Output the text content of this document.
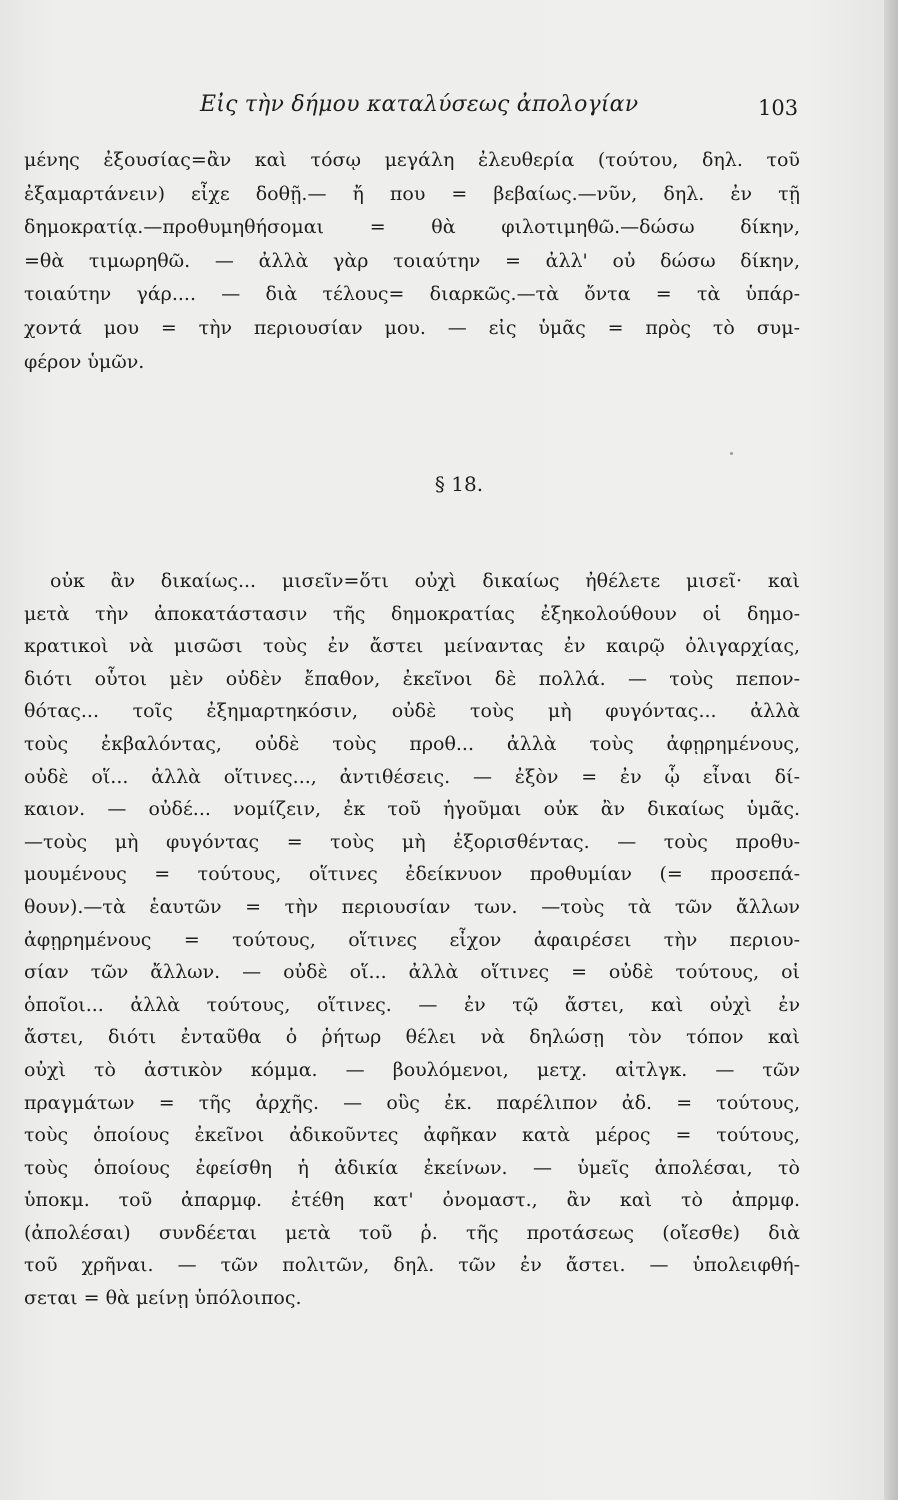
Εἰς τὴν δήμου καταλύσεως ἀπολογίαν	103
μένης ἐξουσίας=ἂν καὶ τόσῳ μεγάλη ἐλευθερία (τούτου, δηλ. τοῦ
ἐξαμαρτάνειν) εἶχε δοθῇ.— ἤ που = βεβαίως.—νῦν, δηλ. ἐν τῇ
δημοκρατίᾳ.—προθυμηθήσομαι = θὰ φιλοτιμηθῶ.—δώσω δίκην,
=θὰ τιμωρηθῶ. — ἀλλὰ γὰρ τοιαύτην = ἀλλ' οὐ δώσω δίκην,
τοιαύτην γάρ.... — διὰ τέλους= διαρκῶς.—τὰ ὄντα = τὰ ὑπάρ-
χοντά μου = τὴν περιουσίαν μου. — εἰς ὑμᾶς = πρὸς τὸ συμ-
φέρον ὑμῶν.
§ 18.
οὐκ ἂν δικαίως... μισεῖν=ὅτι οὐχὶ δικαίως ἠθέλετε μισεῖ· καὶ
μετὰ τὴν ἀποκατάστασιν τῆς δημοκρατίας ἐξηκολούθουν οἱ δημο-
κρατικοὶ νὰ μισῶσι τοὺς ἐν ἄστει μείναντας ἐν καιρῷ ὀλιγαρχίας,
διότι οὗτοι μὲν οὐδὲν ἔπαθον, ἐκεῖνοι δὲ πολλά. — τοὺς πεπον-
θότας... τοῖς ἐξημαρτηκόσιν, οὐδὲ τοὺς μὴ φυγόντας... ἀλλὰ
τοὺς ἐκβαλόντας, οὐδὲ τοὺς προθ... ἀλλὰ τοὺς ἀφῃρημένους,
οὐδὲ οἵ... ἀλλὰ οἵτινες..., ἀντιθέσεις. — ἐξὸν = ἐν ᾧ εἶναι δί-
καιον. — οὐδέ... νομίζειν, ἐκ τοῦ ἡγοῦμαι οὐκ ἂν δικαίως ὑμᾶς.
—τοὺς μὴ φυγόντας = τοὺς μὴ ἐξορισθέντας. — τοὺς προθυ-
μουμένους = τούτους, οἵτινες ἐδείκνυον προθυμίαν (= προσεπά-
θουν).—τὰ ἑαυτῶν = τὴν περιουσίαν των. —τοὺς τὰ τῶν ἄλλων
ἀφῃρημένους = τούτους, οἵτινες εἶχον ἀφαιρέσει τὴν περιου-
σίαν τῶν ἄλλων. — οὐδὲ οἵ... ἀλλὰ οἵτινες = οὐδὲ τούτους, οἱ
ὁποῖοι... ἀλλὰ τούτους, οἵτινες. — ἐν τῷ ἄστει, καὶ οὐχὶ ἐν
ἄστει, διότι ἐνταῦθα ὁ ῥήτωρ θέλει νὰ δηλώσῃ τὸν τόπον καὶ
οὐχὶ τὸ ἀστικὸν κόμμα. — βουλόμενοι, μετχ. αἰτλγκ. — τῶν
πραγμάτων = τῆς ἀρχῆς. — οὓς ἐκ. παρέλιπον ἀδ. = τούτους,
τοὺς ὁποίους ἐκεῖνοι ἀδικοῦντες ἀφῆκαν κατὰ μέρος = τούτους,
τοὺς ὁποίους ἐφείσθη ἡ ἀδικία ἐκείνων. — ὑμεῖς ἀπολέσαι, τὸ
ὑποκμ. τοῦ ἀπαρμφ. ἐτέθη κατ' ὀνομαστ., ἂν καὶ τὸ ἀπρμφ.
(ἀπολέσαι) συνδέεται μετὰ τοῦ ῥ. τῆς προτάσεως (οἴεσθε) διὰ
τοῦ χρῆναι. — τῶν πολιτῶν, δηλ. τῶν ἐν ἄστει. — ὑπολειφθή-
σεται = θὰ μείνῃ ὑπόλοιπος.
